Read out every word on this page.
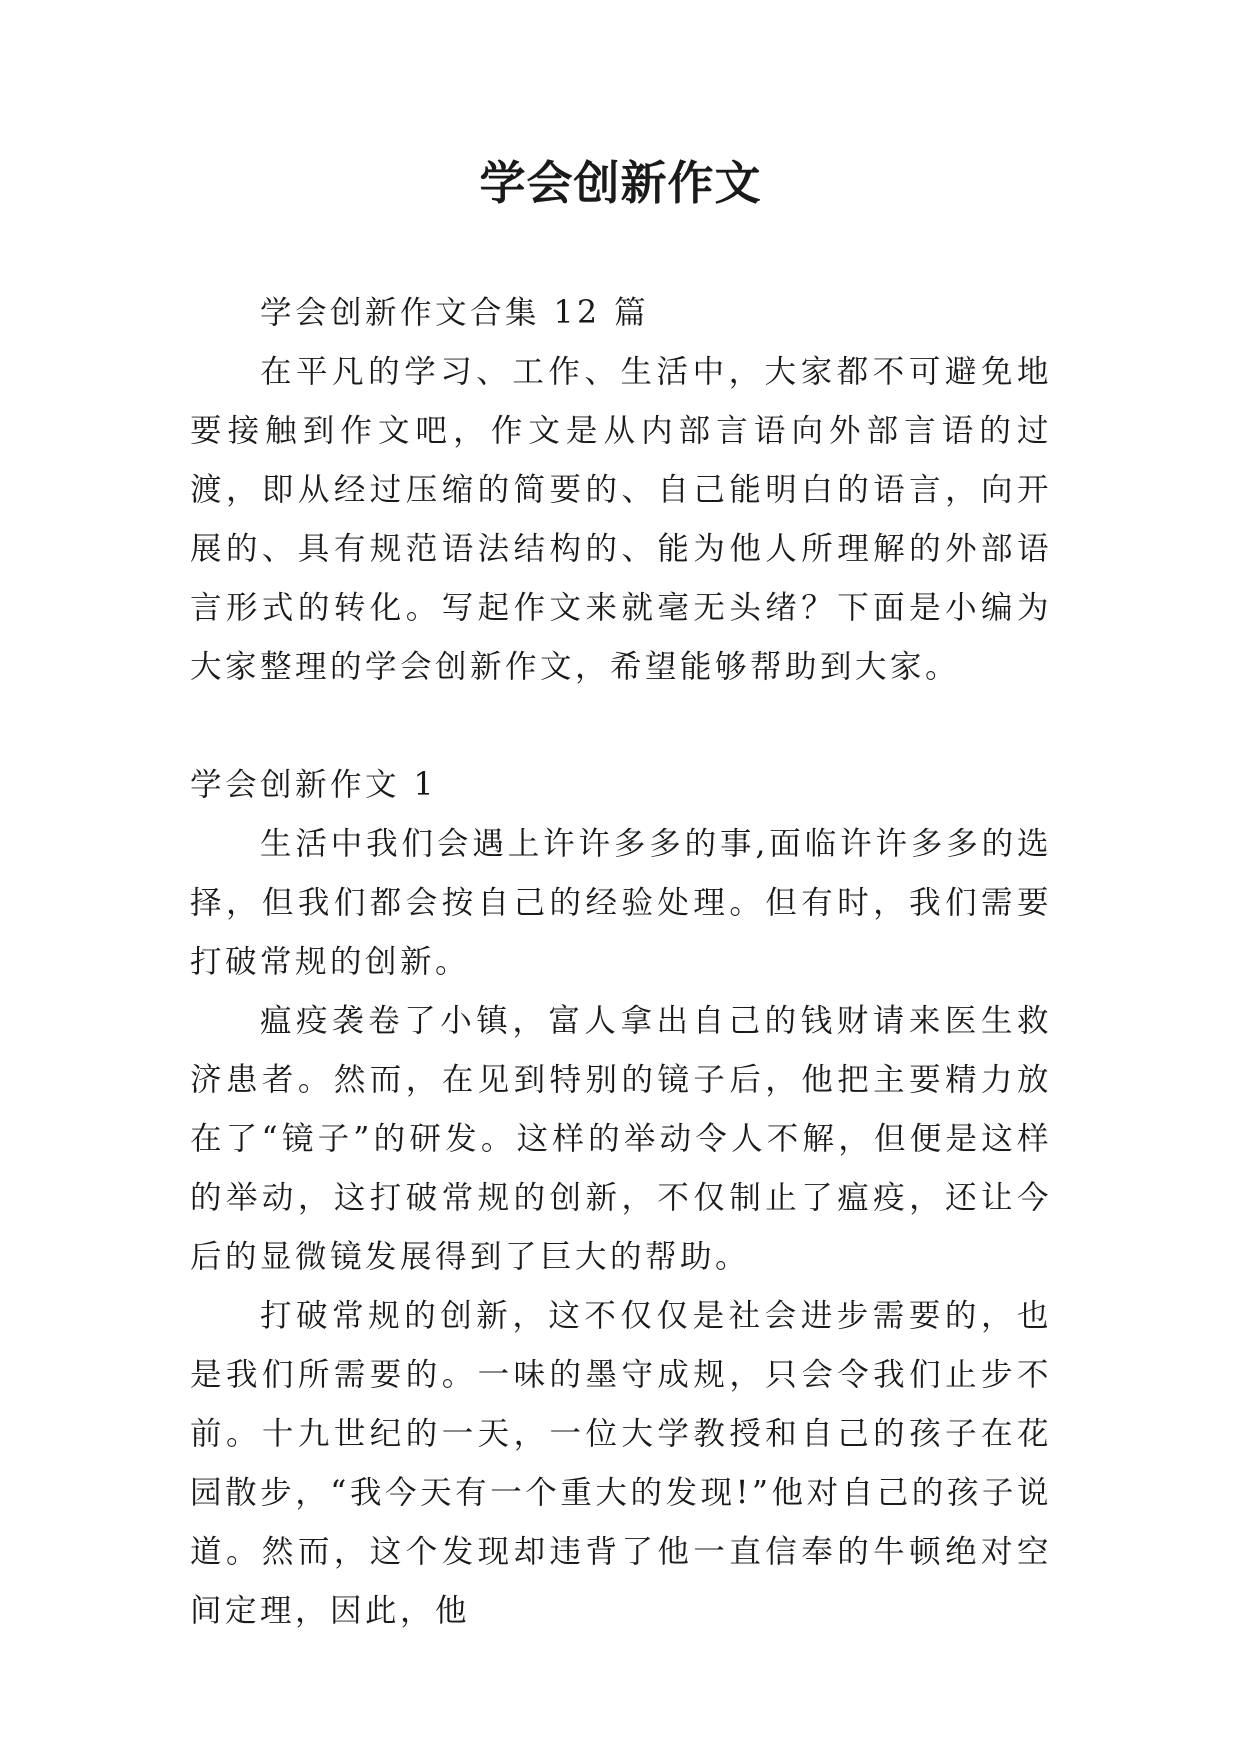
学会创新作文

学会创新作文合集 12 篇

在平凡的学习、工作、生活中，大家都不可避免地要接触到作文吧，作文是从内部言语向外部言语的过渡，即从经过压缩的简要的、自己能明白的语言，向开展的、具有规范语法结构的、能为他人所理解的外部语言形式的转化。写起作文来就毫无头绪？下面是小编为大家整理的学会创新作文，希望能够帮助到大家。

学会创新作文 1

生活中我们会遇上许许多多的事,面临许许多多的选择，但我们都会按自己的经验处理。但有时，我们需要打破常规的创新。

瘟疫袭卷了小镇，富人拿出自己的钱财请来医生救济患者。然而，在见到特别的镜子后，他把主要精力放在了“镜子”的研发。这样的举动令人不解，但便是这样的举动，这打破常规的创新，不仅制止了瘟疫，还让今后的显微镜发展得到了巨大的帮助。

打破常规的创新，这不仅仅是社会进步需要的，也是我们所需要的。一味的墨守成规，只会令我们止步不前。十九世纪的一天，一位大学教授和自己的孩子在花园散步，“我今天有一个重大的发现!”他对自己的孩子说道。然而，这个发现却违背了他一直信奉的牛顿绝对空间定理，因此，他
